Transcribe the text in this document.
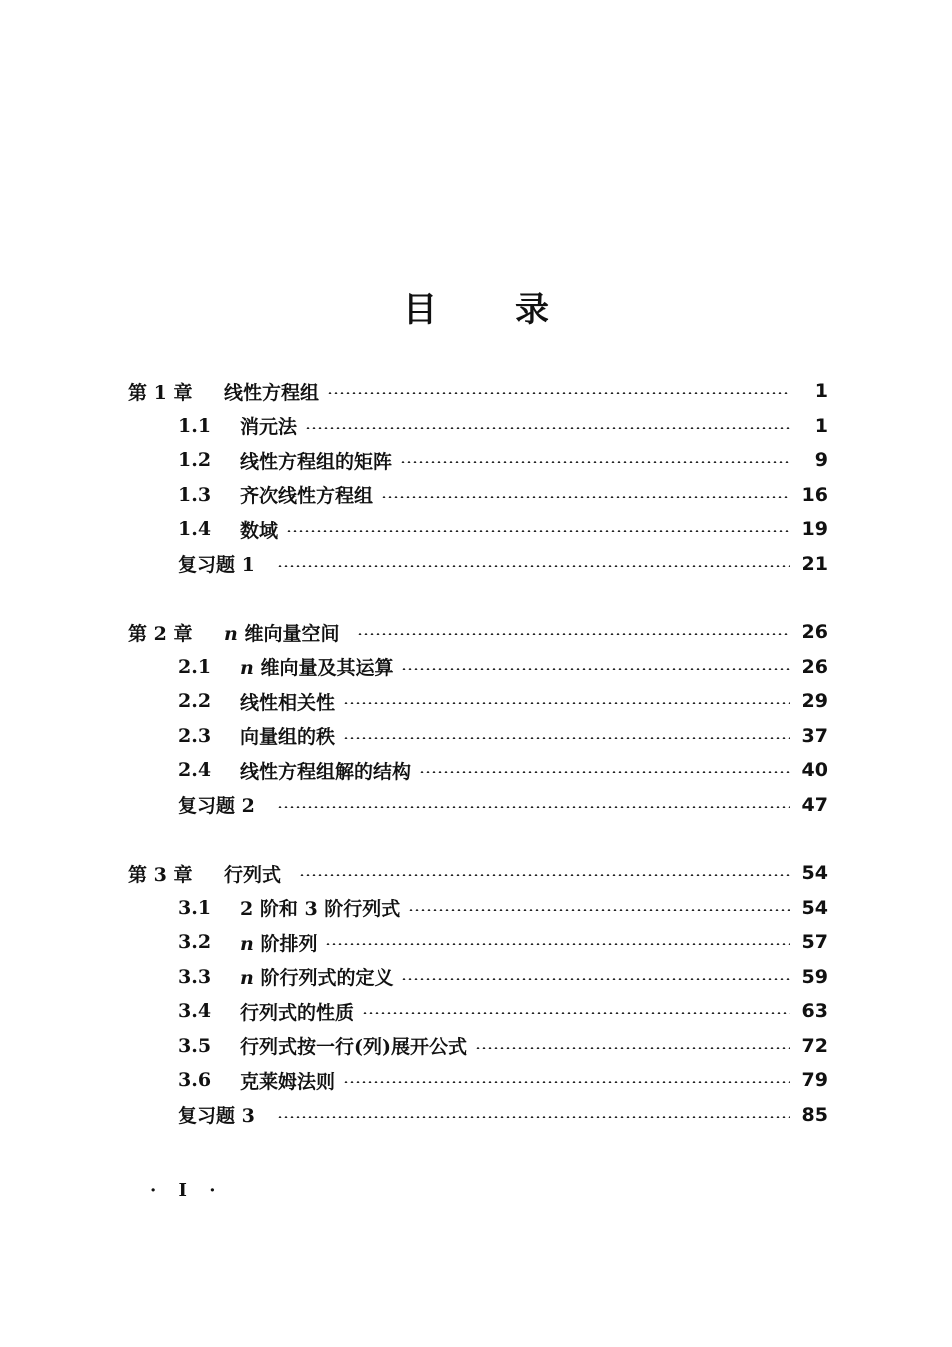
目 录
第 1 章	线性方程组	1
1.1	消元法	1
1.2	线性方程组的矩阵	9
1.3	齐次线性方程组	16
1.4	数域	19
复习题 1	21
第 2 章	n 维向量空间	26
2.1	n 维向量及其运算	26
2.2	线性相关性	29
2.3	向量组的秩	37
2.4	线性方程组解的结构	40
复习题 2	47
第 3 章	行列式	54
3.1	2 阶和 3 阶行列式	54
3.2	n 阶排列	57
3.3	n 阶行列式的定义	59
3.4	行列式的性质	63
3.5	行列式按一行(列)展开公式	72
3.6	克莱姆法则	79
复习题 3	85
· I ·
